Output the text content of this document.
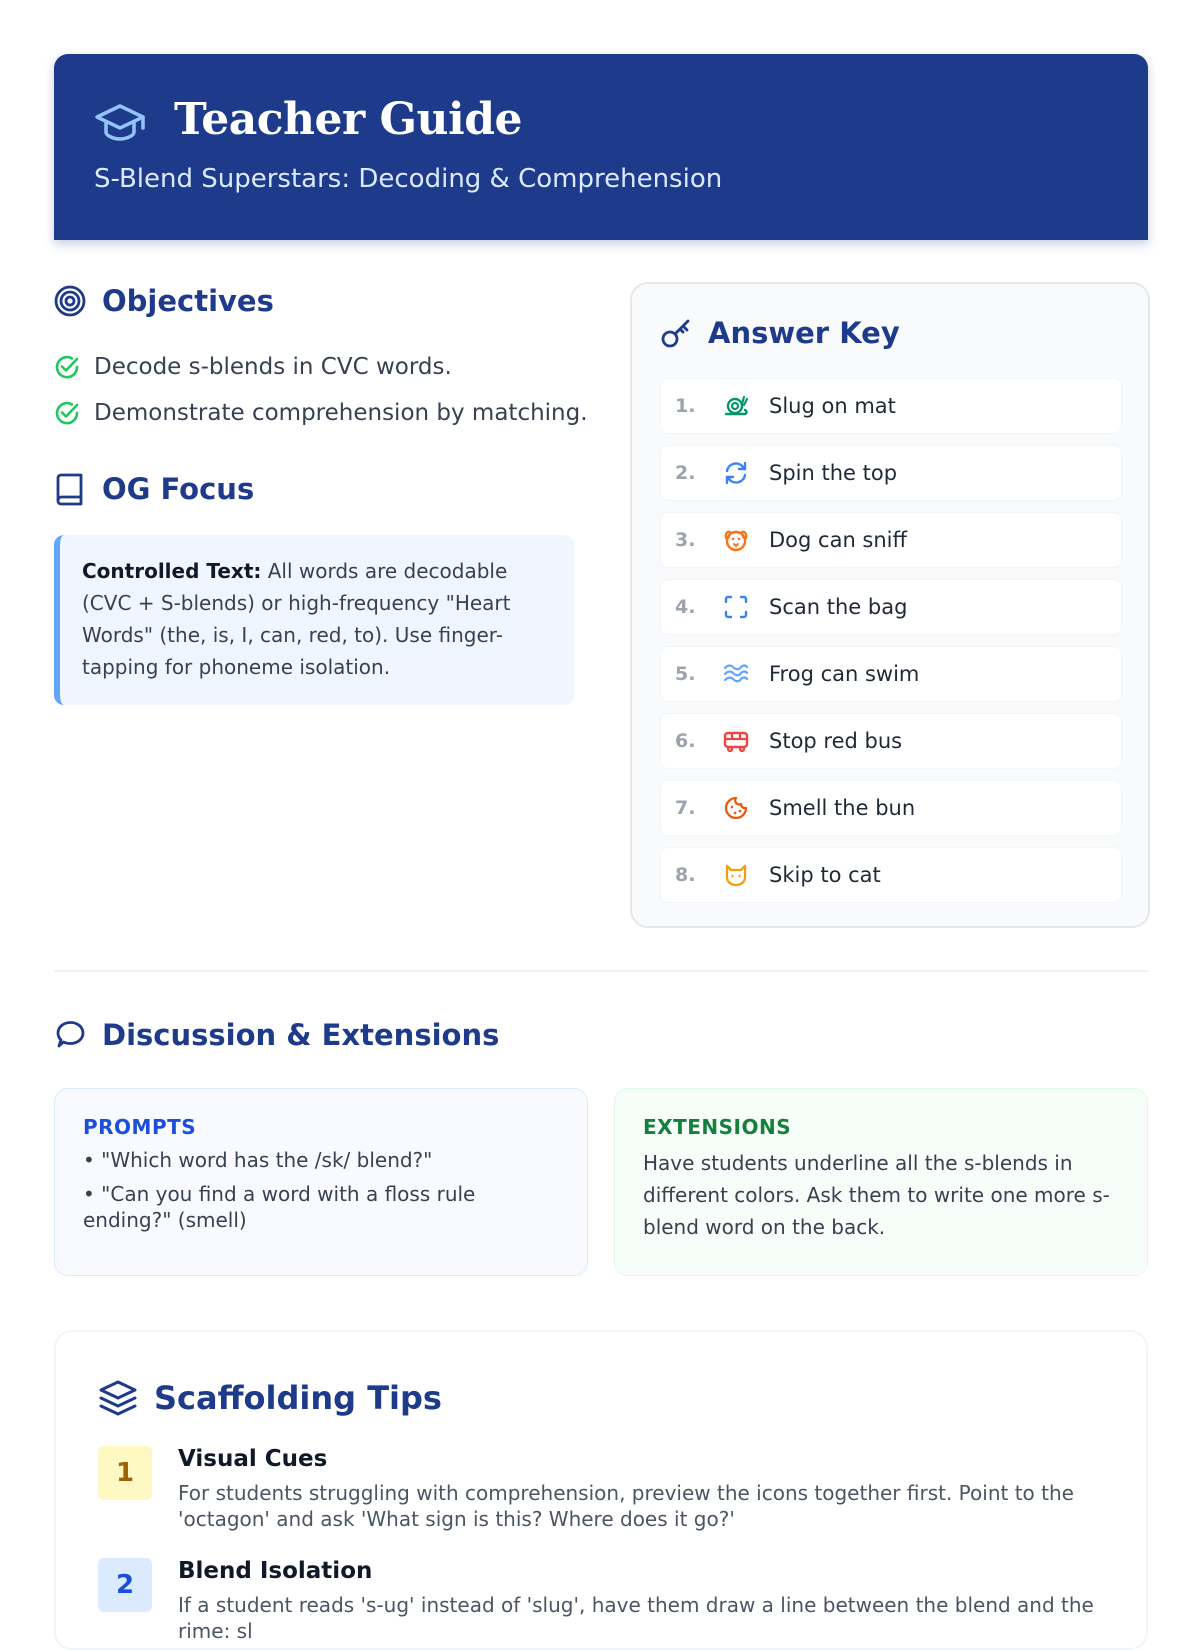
Teacher Guide
S-Blend Superstars: Decoding & Comprehension
Objectives
Decode s-blends in CVC words.
Demonstrate comprehension by matching.
OG Focus
Controlled Text: All words are decodable (CVC + S-blends) or high-frequency "Heart Words" (the, is, I, can, red, to). Use finger-tapping for phoneme isolation.
Answer Key
1.	Slug on mat
2.	Spin the top
3.	Dog can sniff
4.	Scan the bag
5.	Frog can swim
6.	Stop red bus
7.	Smell the bun
8.	Skip to cat
Discussion & Extensions
PROMPTS
• "Which word has the /sk/ blend?"
• "Can you find a word with a floss rule ending?" (smell)
EXTENSIONS
Have students underline all the s-blends in different colors. Ask them to write one more s-blend word on the back.
Scaffolding Tips
1	Visual Cues
For students struggling with comprehension, preview the icons together first. Point to the 'octagon' and ask 'What sign is this? Where does it go?'
2	Blend Isolation
If a student reads 's-ug' instead of 'slug', have them draw a line between the blend and the rime: sl
